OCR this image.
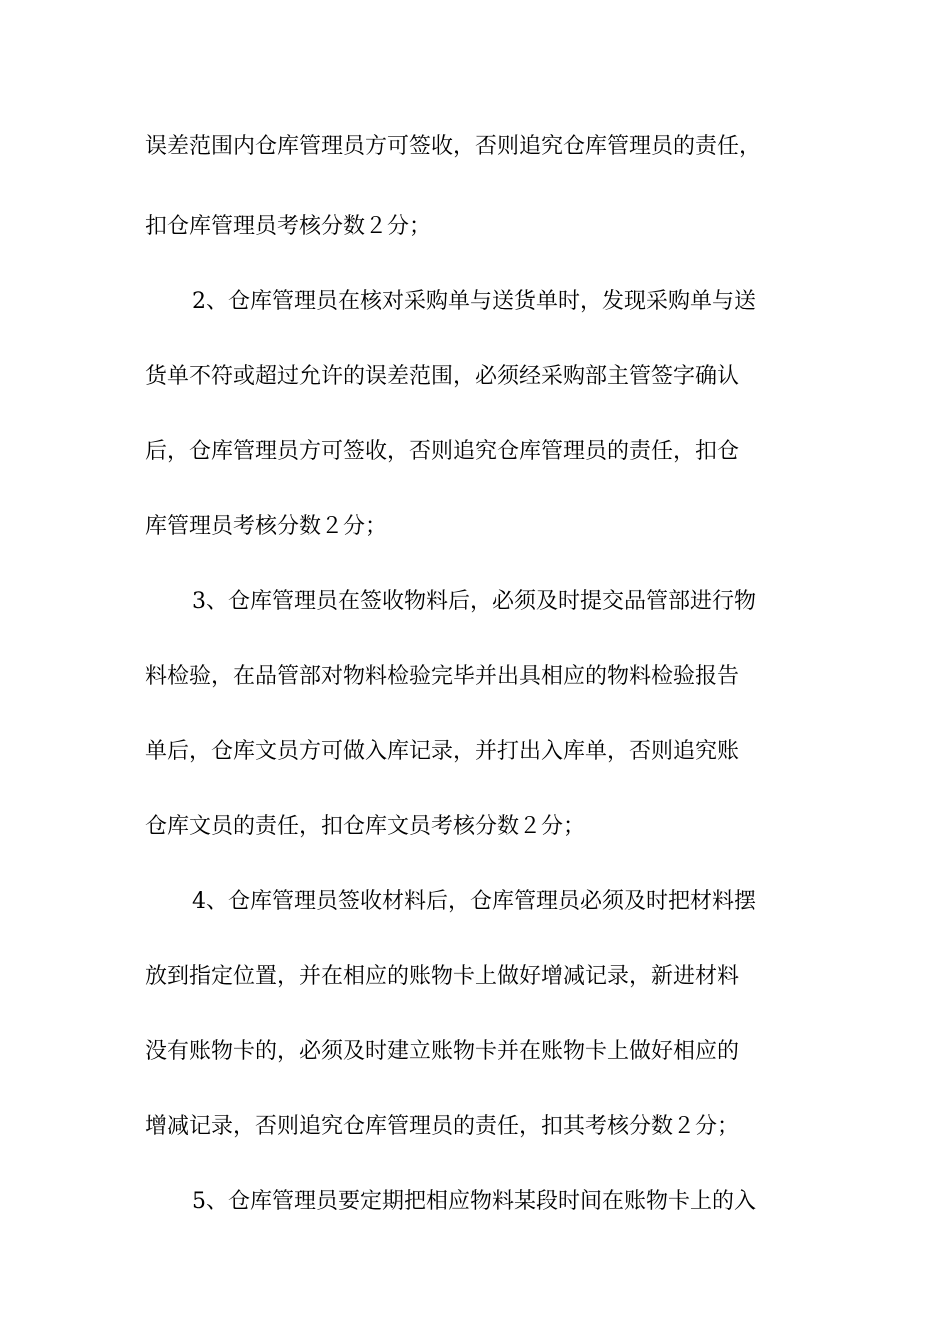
误差范围内仓库管理员方可签收，否则追究仓库管理员的责任，
扣仓库管理员考核分数２分；
2、仓库管理员在核对采购单与送货单时，发现采购单与送
货单不符或超过允许的误差范围，必须经采购部主管签字确认
后，仓库管理员方可签收，否则追究仓库管理员的责任，扣仓
库管理员考核分数２分；
3、仓库管理员在签收物料后，必须及时提交品管部进行物
料检验，在品管部对物料检验完毕并出具相应的物料检验报告
单后，仓库文员方可做入库记录，并打出入库单，否则追究账
仓库文员的责任，扣仓库文员考核分数２分；
4、仓库管理员签收材料后，仓库管理员必须及时把材料摆
放到指定位置，并在相应的账物卡上做好增减记录，新进材料
没有账物卡的，必须及时建立账物卡并在账物卡上做好相应的
增减记录，否则追究仓库管理员的责任，扣其考核分数２分；
5、仓库管理员要定期把相应物料某段时间在账物卡上的入
